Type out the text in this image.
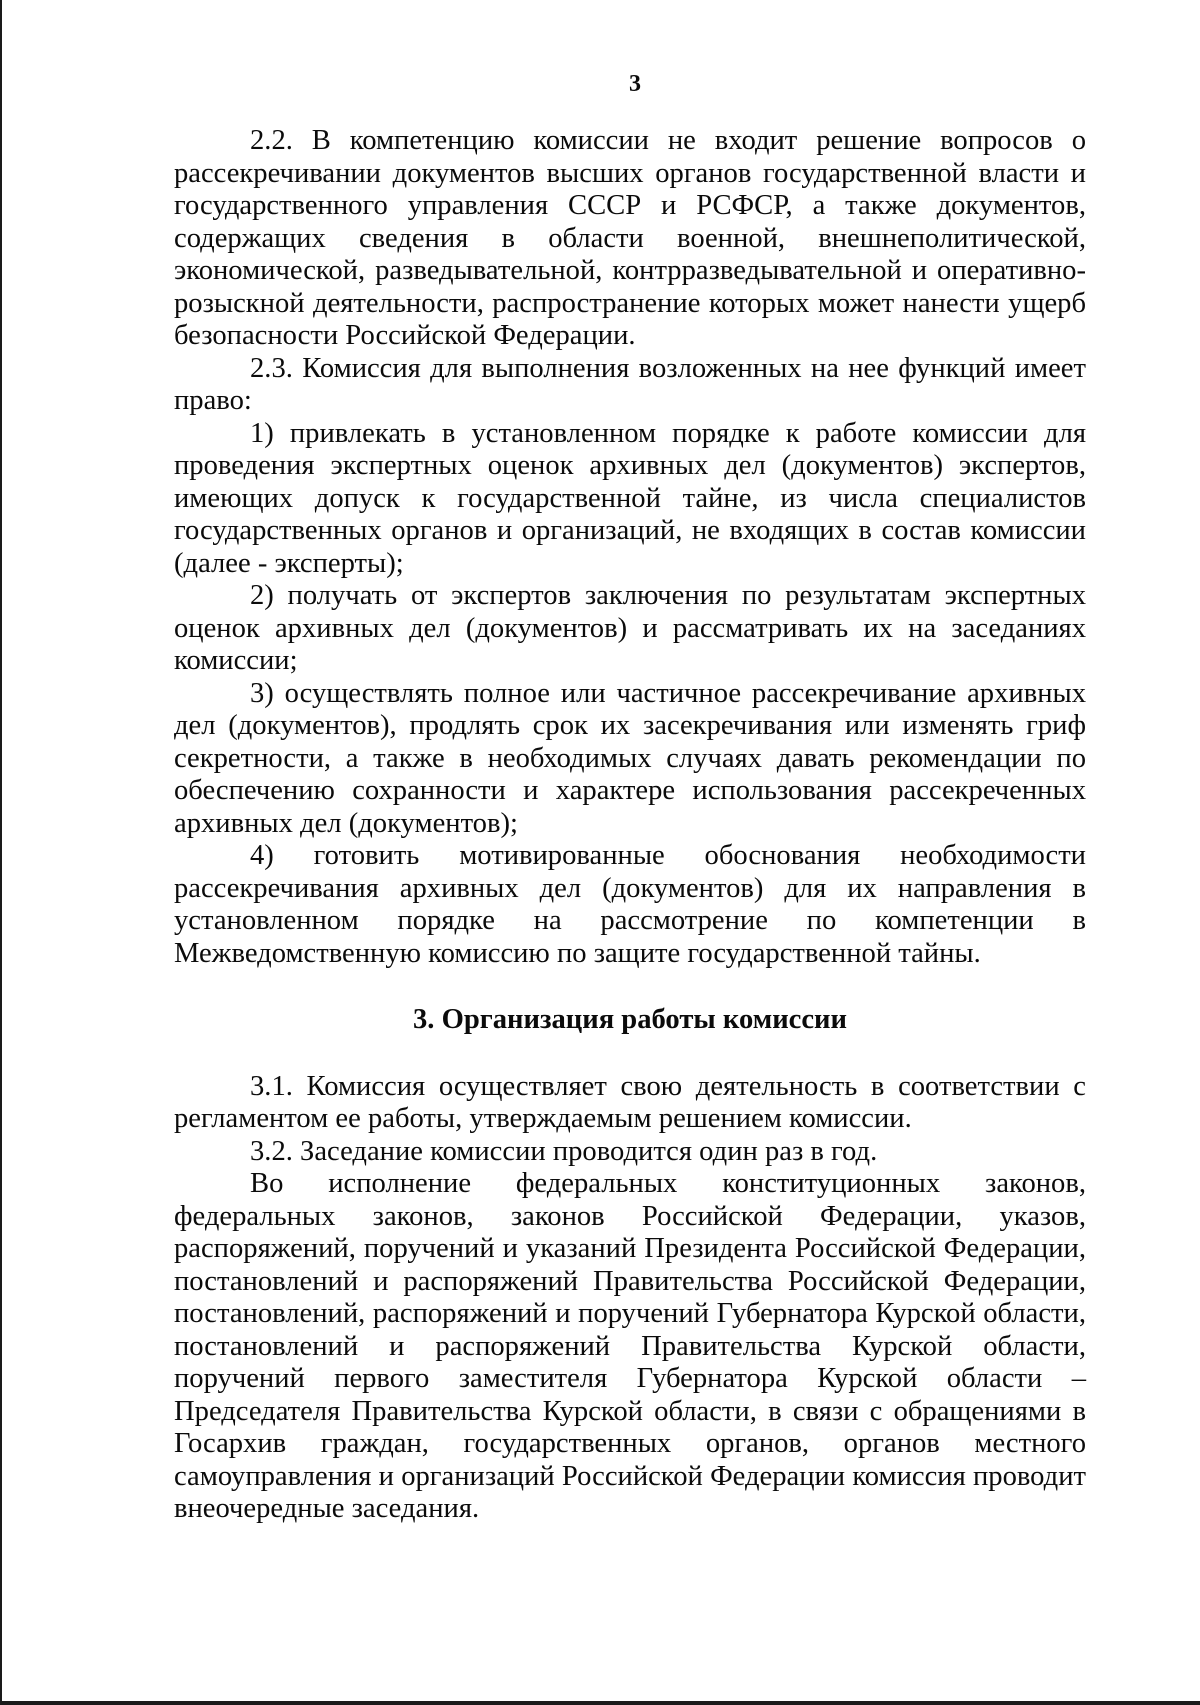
3

2.2. В компетенцию комиссии не входит решение вопросов о рассекречивании документов высших органов государственной власти и государственного управления СССР и РСФСР, а также документов, содержащих сведения в области военной, внешнеполитической, экономической, разведывательной, контрразведывательной и оперативно-розыскной деятельности, распространение которых может нанести ущерб безопасности Российской Федерации.

2.3. Комиссия для выполнения возложенных на нее функций имеет право:

1) привлекать в установленном порядке к работе комиссии для проведения экспертных оценок архивных дел (документов) экспертов, имеющих допуск к государственной тайне, из числа специалистов государственных органов и организаций, не входящих в состав комиссии (далее - эксперты);

2) получать от экспертов заключения по результатам экспертных оценок архивных дел (документов) и рассматривать их на заседаниях комиссии;

3) осуществлять полное или частичное рассекречивание архивных дел (документов), продлять срок их засекречивания или изменять гриф секретности, а также в необходимых случаях давать рекомендации по обеспечению сохранности и характере использования рассекреченных архивных дел (документов);

4) готовить мотивированные обоснования необходимости рассекречивания архивных дел (документов) для их направления в установленном порядке на рассмотрение по компетенции в Межведомственную комиссию по защите государственной тайны.

3. Организация работы комиссии

3.1. Комиссия осуществляет свою деятельность в соответствии с регламентом ее работы, утверждаемым решением комиссии.

3.2. Заседание комиссии проводится один раз в год.

Во исполнение федеральных конституционных законов, федеральных законов, законов Российской Федерации, указов, распоряжений, поручений и указаний Президента Российской Федерации, постановлений и распоряжений Правительства Российской Федерации, постановлений, распоряжений и поручений Губернатора Курской области, постановлений и распоряжений Правительства Курской области, поручений первого заместителя Губернатора Курской области – Председателя Правительства Курской области, в связи с обращениями в Госархив граждан, государственных органов, органов местного самоуправления и организаций Российской Федерации комиссия проводит внеочередные заседания.
